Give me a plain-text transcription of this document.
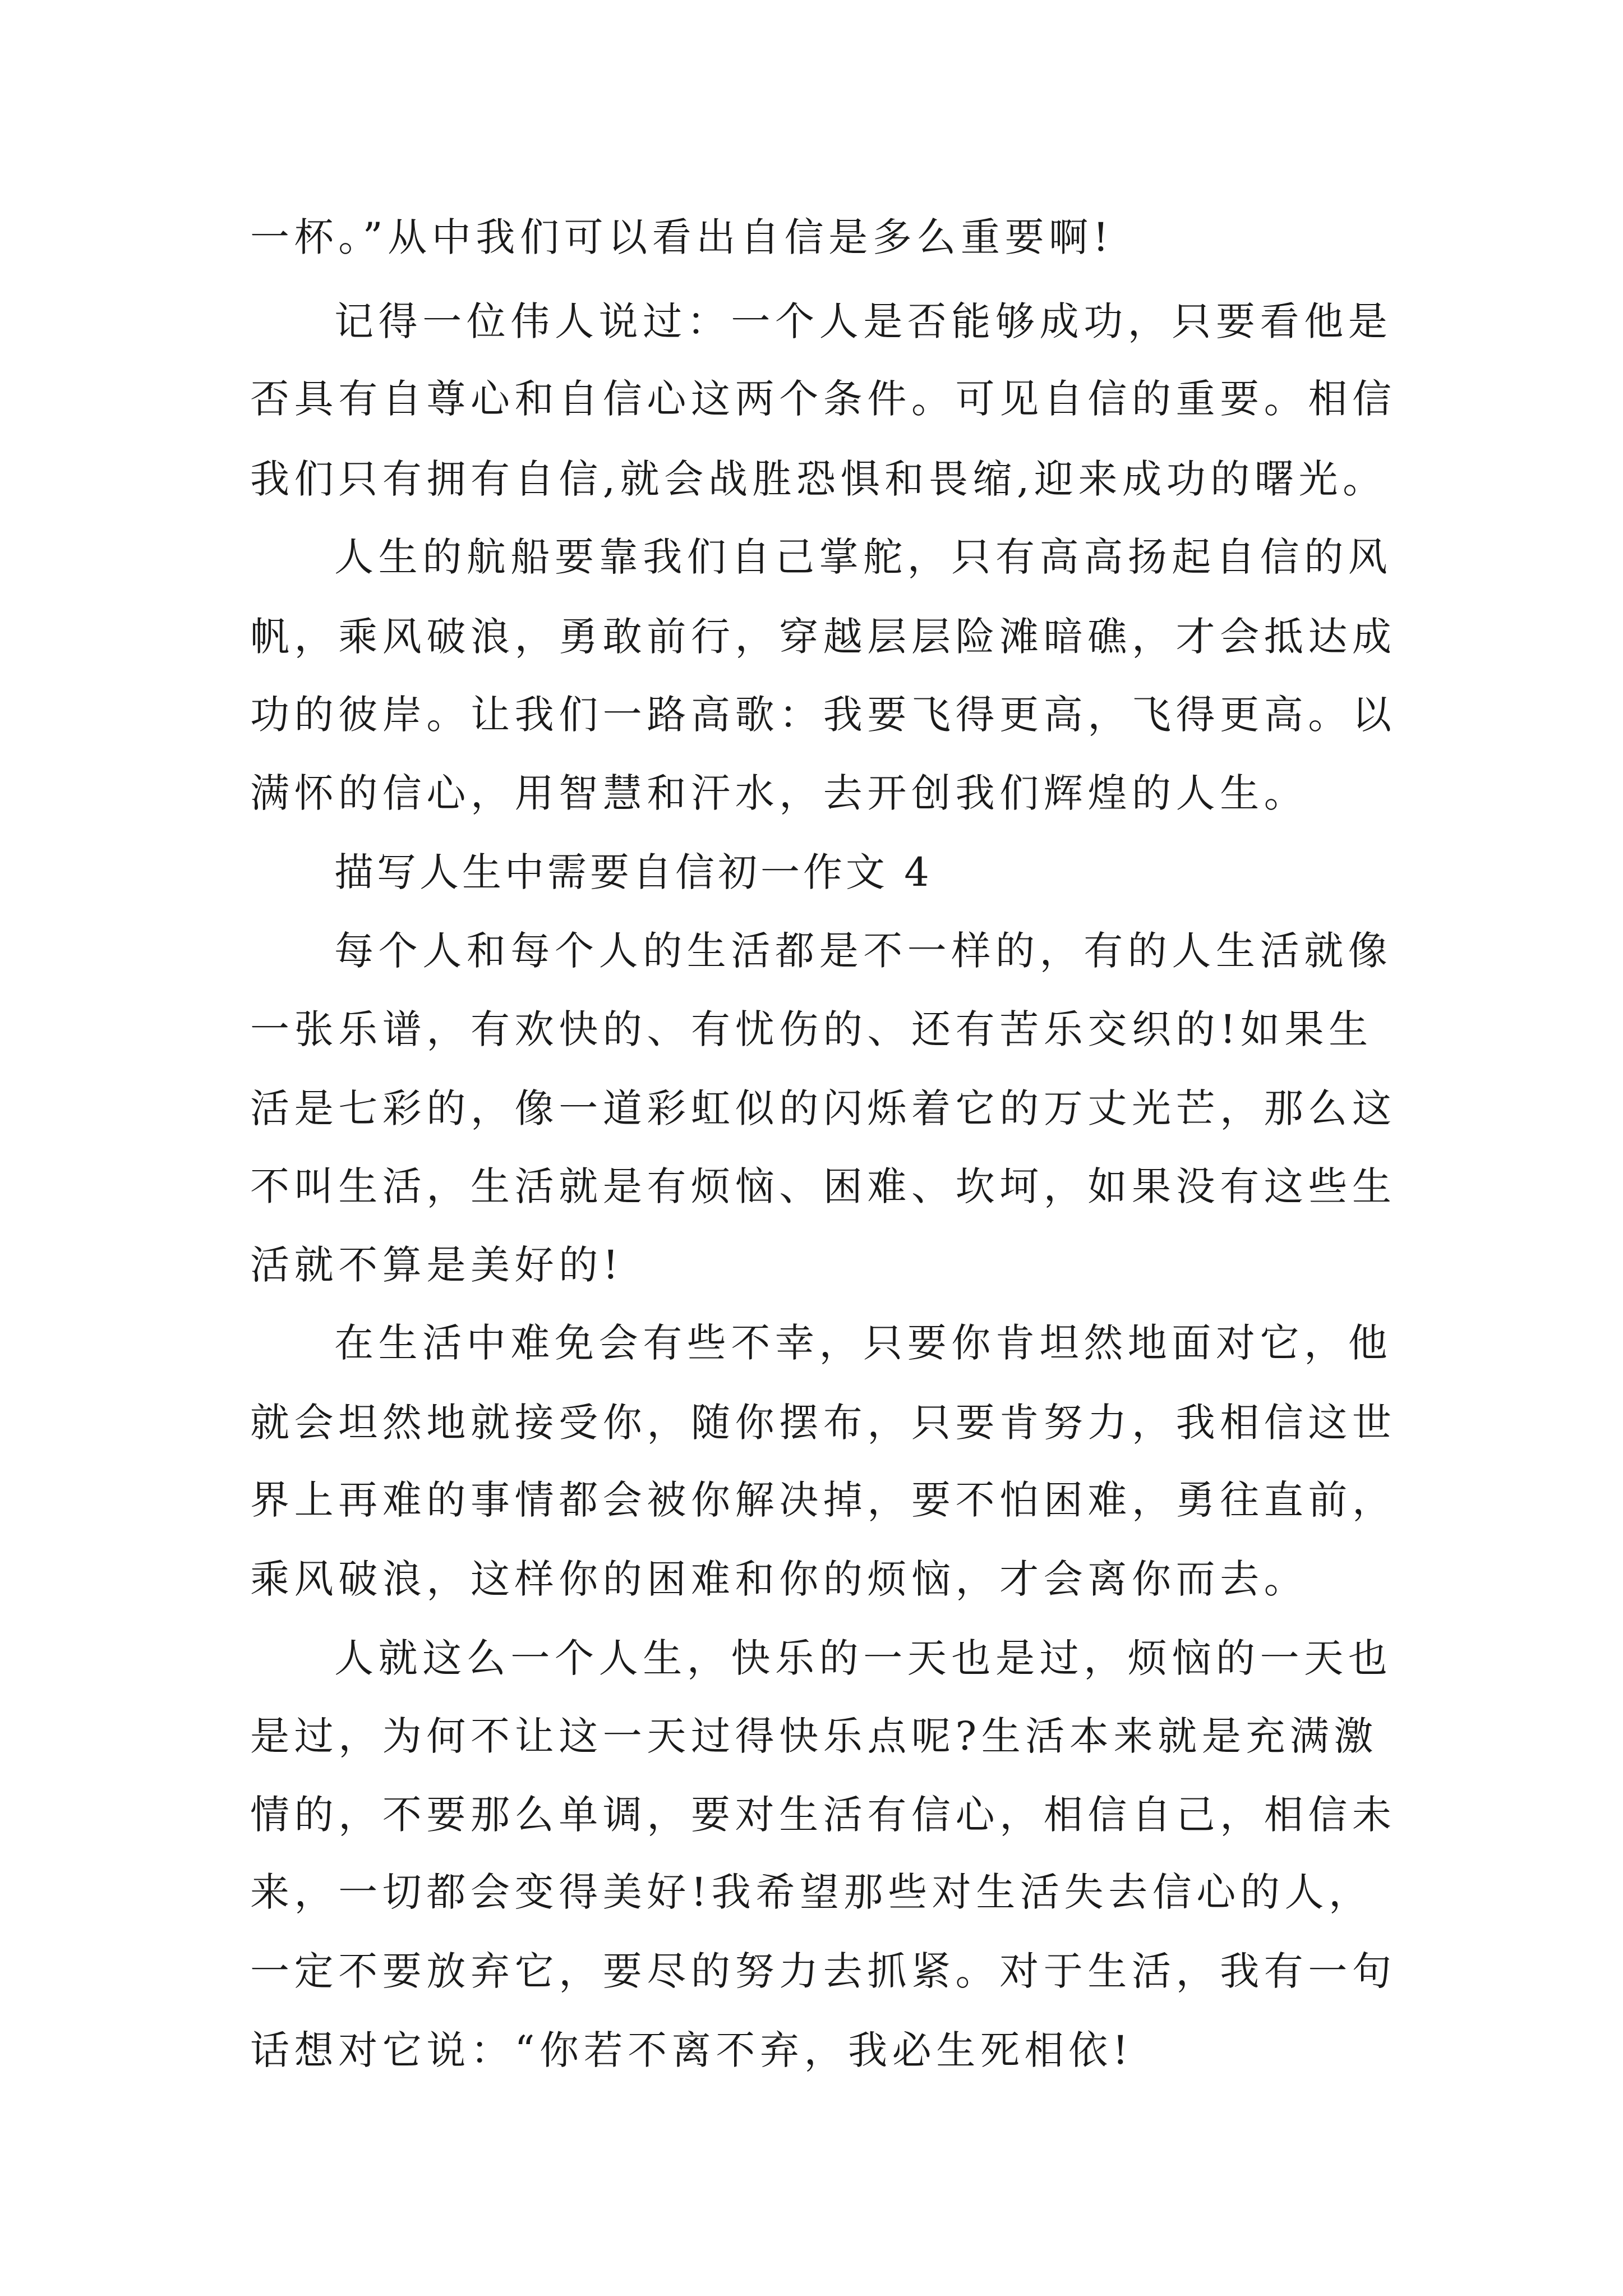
一杯。”从中我们可以看出自信是多么重要啊!
记得一位伟人说过：一个人是否能够成功，只要看他是
否具有自尊心和自信心这两个条件。可见自信的重要。相信
我们只有拥有自信,就会战胜恐惧和畏缩,迎来成功的曙光。
人生的航船要靠我们自己掌舵，只有高高扬起自信的风
帆，乘风破浪，勇敢前行，穿越层层险滩暗礁，才会抵达成
功的彼岸。让我们一路高歌：我要飞得更高，飞得更高。以
满怀的信心，用智慧和汗水，去开创我们辉煌的人生。
描写人生中需要自信初一作文 4
每个人和每个人的生活都是不一样的，有的人生活就像
一张乐谱，有欢快的、有忧伤的、还有苦乐交织的!如果生
活是七彩的，像一道彩虹似的闪烁着它的万丈光芒，那么这
不叫生活，生活就是有烦恼、困难、坎坷，如果没有这些生
活就不算是美好的!
在生活中难免会有些不幸，只要你肯坦然地面对它，他
就会坦然地就接受你，随你摆布，只要肯努力，我相信这世
界上再难的事情都会被你解决掉，要不怕困难，勇往直前，
乘风破浪，这样你的困难和你的烦恼，才会离你而去。
人就这么一个人生，快乐的一天也是过，烦恼的一天也
是过，为何不让这一天过得快乐点呢?生活本来就是充满激
情的，不要那么单调，要对生活有信心，相信自己，相信未
来，一切都会变得美好!我希望那些对生活失去信心的人，
一定不要放弃它，要尽的努力去抓紧。对于生活，我有一句
话想对它说：“你若不离不弃，我必生死相依!
